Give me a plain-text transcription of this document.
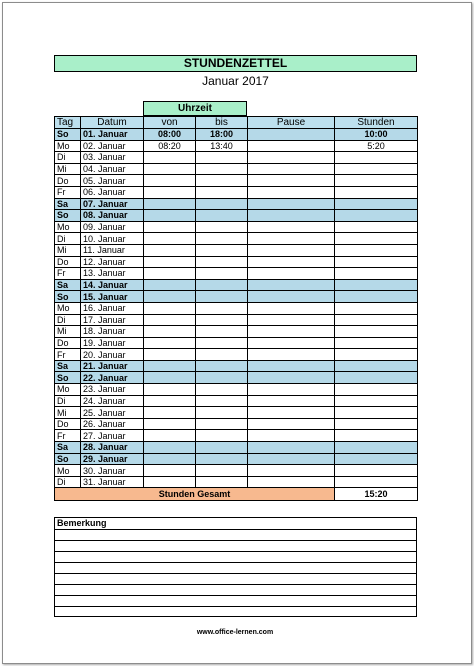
STUNDENZETTEL
Januar 2017
Uhrzeit
Tag	Datum	von	bis	Pause	Stunden
So	01. Januar	08:00	18:00		10:00
Mo	02. Januar	08:20	13:40		5:20
Di	03. Januar				
Mi	04. Januar				
Do	05. Januar				
Fr	06. Januar				
Sa	07. Januar				
So	08. Januar				
Mo	09. Januar				
Di	10. Januar				
Mi	11. Januar				
Do	12. Januar				
Fr	13. Januar				
Sa	14. Januar				
So	15. Januar				
Mo	16. Januar				
Di	17. Januar				
Mi	18. Januar				
Do	19. Januar				
Fr	20. Januar				
Sa	21. Januar				
So	22. Januar				
Mo	23. Januar				
Di	24. Januar				
Mi	25. Januar				
Do	26. Januar				
Fr	27. Januar				
Sa	28. Januar				
So	29. Januar				
Mo	30. Januar				
Di	31. Januar				
Stunden Gesamt					15:20
Bemerkung
www.office-lernen.com
